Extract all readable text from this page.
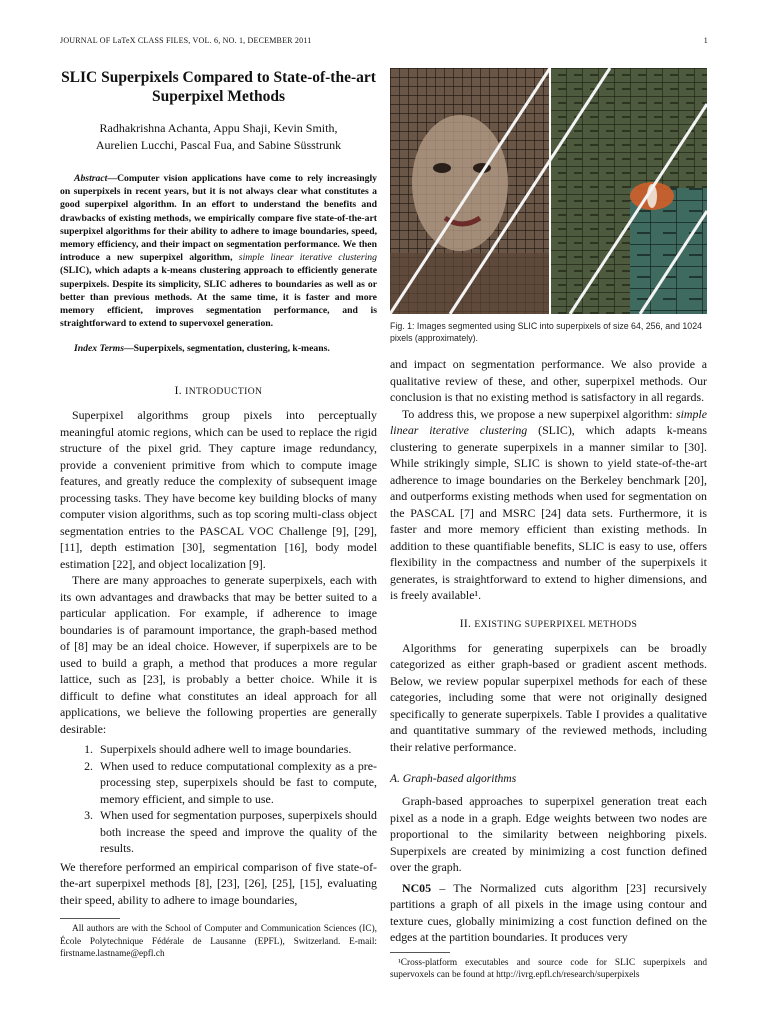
JOURNAL OF LaTeX CLASS FILES, VOL. 6, NO. 1, DECEMBER 2011	1
SLIC Superpixels Compared to State-of-the-art Superpixel Methods
Radhakrishna Achanta, Appu Shaji, Kevin Smith,
Aurelien Lucchi, Pascal Fua, and Sabine Süsstrunk

Abstract—Computer vision applications have come to rely increasingly on superpixels in recent years, but it is not always clear what constitutes a good superpixel algorithm. In an effort to understand the benefits and drawbacks of existing methods, we empirically compare five state-of-the-art superpixel algorithms for their ability to adhere to image boundaries, speed, memory efficiency, and their impact on segmentation performance. We then introduce a new superpixel algorithm, simple linear iterative clustering (SLIC), which adapts a k-means clustering approach to efficiently generate superpixels. Despite its simplicity, SLIC adheres to boundaries as well as or better than previous methods. At the same time, it is faster and more memory efficient, improves segmentation performance, and is straightforward to extend to supervoxel generation.

Index Terms—Superpixels, segmentation, clustering, k-means.

I. INTRODUCTION

Superpixel algorithms group pixels into perceptually meaningful atomic regions, which can be used to replace the rigid structure of the pixel grid. They capture image redundancy, provide a convenient primitive from which to compute image features, and greatly reduce the complexity of subsequent image processing tasks. They have become key building blocks of many computer vision algorithms, such as top scoring multi-class object segmentation entries to the PASCAL VOC Challenge [9], [29], [11], depth estimation [30], segmentation [16], body model estimation [22], and object localization [9].

There are many approaches to generate superpixels, each with its own advantages and drawbacks that may be better suited to a particular application. For example, if adherence to image boundaries is of paramount importance, the graph-based method of [8] may be an ideal choice. However, if superpixels are to be used to build a graph, a method that produces a more regular lattice, such as [23], is probably a better choice. While it is difficult to define what constitutes an ideal approach for all applications, we believe the following properties are generally desirable:

1. Superpixels should adhere well to image boundaries.
2. When used to reduce computational complexity as a pre-processing step, superpixels should be fast to compute, memory efficient, and simple to use.
3. When used for segmentation purposes, superpixels should both increase the speed and improve the quality of the results.

We therefore performed an empirical comparison of five state-of-the-art superpixel methods [8], [23], [26], [25], [15], evaluating their speed, ability to adhere to image boundaries,

All authors are with the School of Computer and Communication Sciences (IC), École Polytechnique Fédérale de Lausanne (EPFL), Switzerland. E-mail: firstname.lastname@epfl.ch
Fig. 1: Images segmented using SLIC into superpixels of size 64, 256, and 1024 pixels (approximately).

and impact on segmentation performance. We also provide a qualitative review of these, and other, superpixel methods. Our conclusion is that no existing method is satisfactory in all regards.

To address this, we propose a new superpixel algorithm: simple linear iterative clustering (SLIC), which adapts k-means clustering to generate superpixels in a manner similar to [30]. While strikingly simple, SLIC is shown to yield state-of-the-art adherence to image boundaries on the Berkeley benchmark [20], and outperforms existing methods when used for segmentation on the PASCAL [7] and MSRC [24] data sets. Furthermore, it is faster and more memory efficient than existing methods. In addition to these quantifiable benefits, SLIC is easy to use, offers flexibility in the compactness and number of the superpixels it generates, is straightforward to extend to higher dimensions, and is freely available¹.

II. EXISTING SUPERPIXEL METHODS

Algorithms for generating superpixels can be broadly categorized as either graph-based or gradient ascent methods. Below, we review popular superpixel methods for each of these categories, including some that were not originally designed specifically to generate superpixels. Table I provides a qualitative and quantitative summary of the reviewed methods, including their relative performance.

A. Graph-based algorithms

Graph-based approaches to superpixel generation treat each pixel as a node in a graph. Edge weights between two nodes are proportional to the similarity between neighboring pixels. Superpixels are created by minimizing a cost function defined over the graph.

NC05 – The Normalized cuts algorithm [23] recursively partitions a graph of all pixels in the image using contour and texture cues, globally minimizing a cost function defined on the edges at the partition boundaries. It produces very

¹Cross-platform executables and source code for SLIC superpixels and supervoxels can be found at http://ivrg.epfl.ch/research/superpixels
